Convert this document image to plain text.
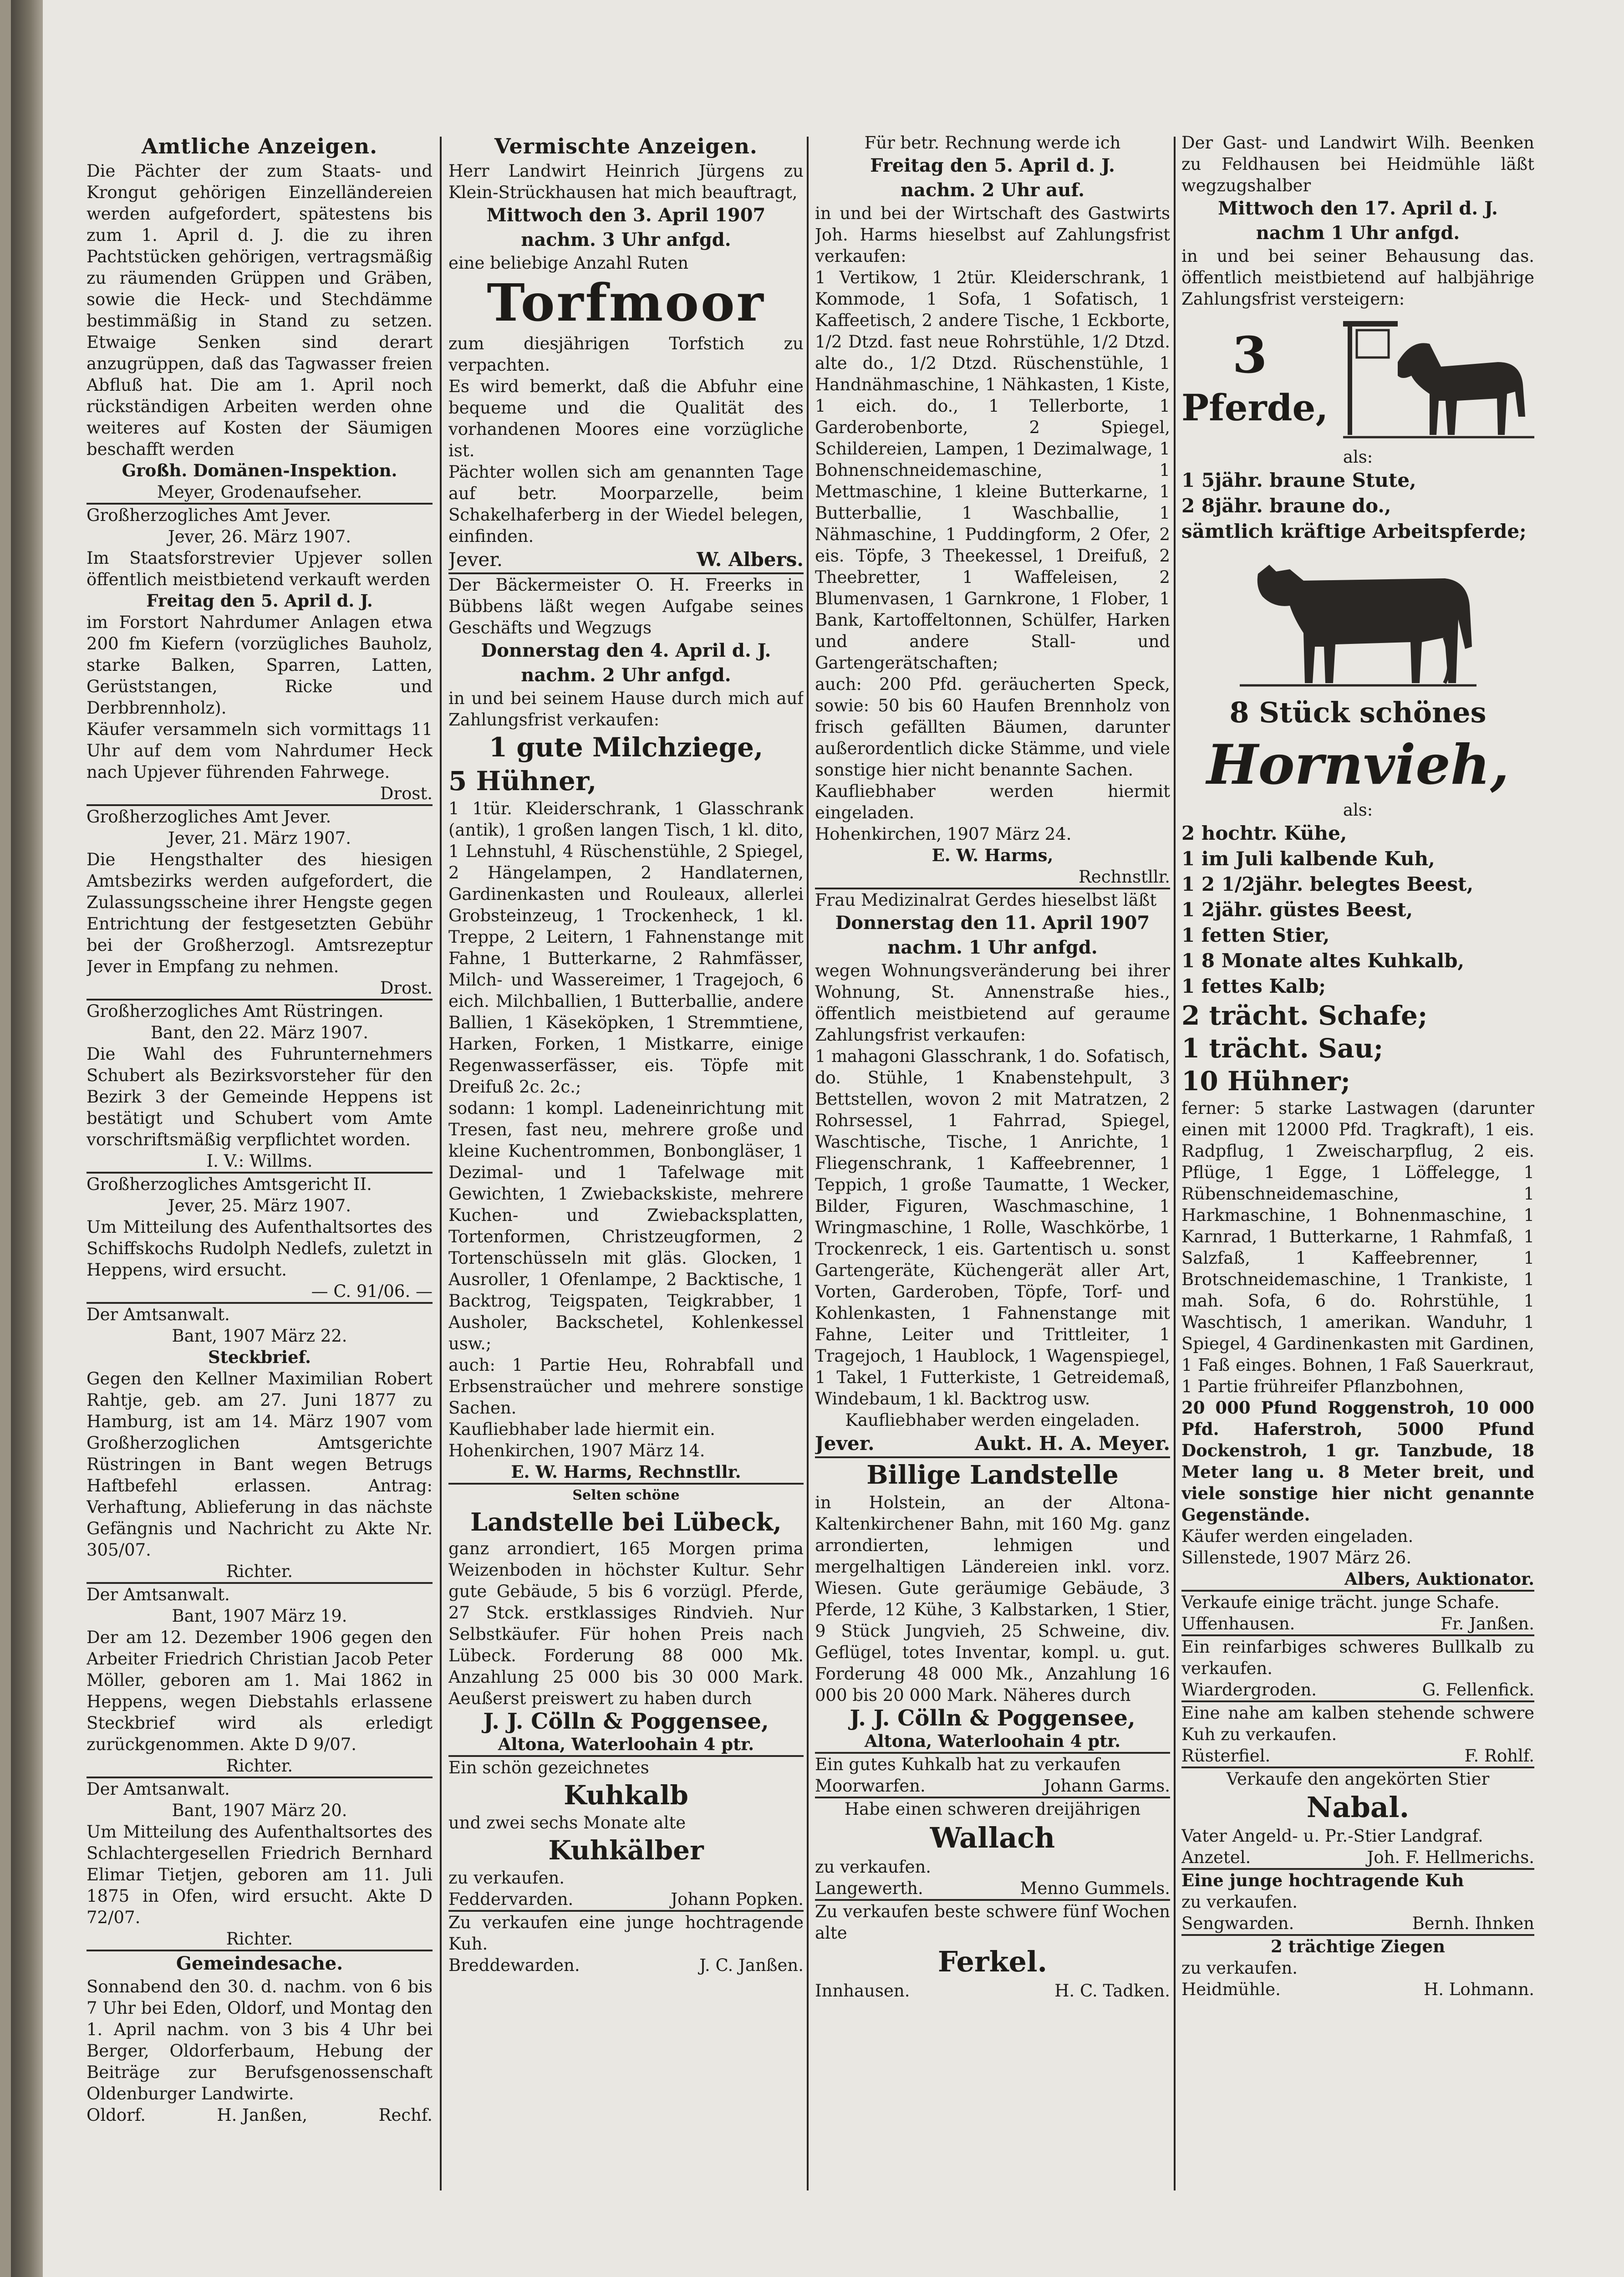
Amtliche Anzeigen.

Die Pächter der zum Staats- und Krongut gehörigen Einzelländereien werden aufgefordert, spätestens bis zum 1. April d. J. die zu ihren Pachtstücken gehörigen, vertragsmäßig zu räumenden Grüppen und Gräben, sowie die Heck- und Stechdämme bestimmäßig in Stand zu setzen. Etwaige Senken sind derart anzugrüppen, daß das Tagwasser freien Abfluß hat. Die am 1. April noch rückständigen Arbeiten werden ohne weiteres auf Kosten der Säumigen beschafft werden

Großh. Domänen-Inspektion.
Meyer, Grodenaufseher.
Großherzogliches Amt Jever.
Jever, 26. März 1907.

Im Staatsforstrevier Upjever sollen öffentlich meistbietend verkauft werden

Freitag den 5. April d. J.

im Forstort Nahrdumer Anlagen etwa 200 fm Kiefern (vorzügliches Bauholz, starke Balken, Sparren, Latten, Gerüststangen, Ricke und Derbbrennholz).

Käufer versammeln sich vormittags 11 Uhr auf dem vom Nahrdumer Heck nach Upjever führenden Fahrwege.

Drost.
Großherzogliches Amt Jever.
Jever, 21. März 1907.

Die Hengsthalter des hiesigen Amtsbezirks werden aufgefordert, die Zulassungsscheine ihrer Hengste gegen Entrichtung der festgesetzten Gebühr bei der Großherzogl. Amtsrezeptur Jever in Empfang zu nehmen.

Drost.
Großherzogliches Amt Rüstringen.
Bant, den 22. März 1907.

Die Wahl des Fuhrunternehmers Schubert als Bezirksvorsteher für den Bezirk 3 der Gemeinde Heppens ist bestätigt und Schubert vom Amte vorschriftsmäßig verpflichtet worden.

I. V.: Willms.
Großherzogliches Amtsgericht II.
Jever, 25. März 1907.

Um Mitteilung des Aufenthaltsortes des Schiffskochs Rudolph Nedlefs, zuletzt in Heppens, wird ersucht.

— C. 91/06. —
Der Amtsanwalt.
Bant, 1907 März 22.
Steckbrief.

Gegen den Kellner Maximilian Robert Rahtje, geb. am 27. Juni 1877 zu Hamburg, ist am 14. März 1907 vom Großherzoglichen Amtsgerichte Rüstringen in Bant wegen Betrugs Haftbefehl erlassen. Antrag: Verhaftung, Ablieferung in das nächste Gefängnis und Nachricht zu Akte Nr. 305/07.

Richter.
Der Amtsanwalt.
Bant, 1907 März 19.

Der am 12. Dezember 1906 gegen den Arbeiter Friedrich Christian Jacob Peter Möller, geboren am 1. Mai 1862 in Heppens, wegen Diebstahls erlassene Steckbrief wird als erledigt zurückgenommen. Akte D 9/07.

Richter.
Der Amtsanwalt.
Bant, 1907 März 20.

Um Mitteilung des Aufenthaltsortes des Schlachtergesellen Friedrich Bernhard Elimar Tietjen, geboren am 11. Juli 1875 in Ofen, wird ersucht. Akte D 72/07.

Richter.
Gemeindesache.

Sonnabend den 30. d. nachm. von 6 bis 7 Uhr bei Eden, Oldorf, und Montag den 1. April nachm. von 3 bis 4 Uhr bei Berger, Oldorferbaum, Hebung der Beiträge zur Berufsgenossenschaft Oldenburger Landwirte.

Oldorf.	H. Janßen,	Rechf.
Vermischte Anzeigen.

Herr Landwirt Heinrich Jürgens zu Klein-Strückhausen hat mich beauftragt,

Mittwoch den 3. April 1907
nachm. 3 Uhr anfgd.

eine beliebige Anzahl Ruten

Torfmoor

zum diesjährigen Torfstich zu verpachten.

Es wird bemerkt, daß die Abfuhr eine bequeme und die Qualität des vorhandenen Moores eine vorzügliche ist.

Pächter wollen sich am genannten Tage auf betr. Moorparzelle, beim Schakelhaferberg in der Wiedel belegen, einfinden.

Jever.	W. Albers.

Der Bäckermeister O. H. Freerks in Bübbens läßt wegen Aufgabe seines Geschäfts und Wegzugs

Donnerstag den 4. April d. J.
nachm. 2 Uhr anfgd.

in und bei seinem Hause durch mich auf Zahlungsfrist verkaufen:

1 gute Milchziege,
5 Hühner,

1 1tür. Kleiderschrank, 1 Glasschrank (antik), 1 großen langen Tisch, 1 kl. dito, 1 Lehnstuhl, 4 Rüschenstühle, 2 Spiegel, 2 Hängelampen, 2 Handlaternen, Gardinenkasten und Rouleaux, allerlei Grobsteinzeug, 1 Trockenheck, 1 kl. Treppe, 2 Leitern, 1 Fahnenstange mit Fahne, 1 Butterkarne, 2 Rahmfässer, Milch- und Wassereimer, 1 Tragejoch, 6 eich. Milchballien, 1 Butterballie, andere Ballien, 1 Käseköpken, 1 Stremmtiene, Harken, Forken, 1 Mistkarre, einige Regenwasserfässer, eis. Töpfe mit Dreifuß 2c. 2c.;

sodann: 1 kompl. Ladeneinrichtung mit Tresen, fast neu, mehrere große und kleine Kuchentrommen, Bonbongläser, 1 Dezimal- und 1 Tafelwage mit Gewichten, 1 Zwiebackskiste, mehrere Kuchen- und Zwiebacksplatten, Tortenformen, Christzeugformen, 2 Tortenschüsseln mit gläs. Glocken, 1 Ausroller, 1 Ofenlampe, 2 Backtische, 1 Backtrog, Teigspaten, Teigkrabber, 1 Ausholer, Backschetel, Kohlenkessel usw.;

auch: 1 Partie Heu, Rohrabfall und Erbsenstraücher und mehrere sonstige Sachen.

Kaufliebhaber lade hiermit ein.

Hohenkirchen, 1907 März 14.

E. W. Harms, Rechnstllr.
Selten schöne
Landstelle bei Lübeck,

ganz arrondiert, 165 Morgen prima Weizenboden in höchster Kultur. Sehr gute Gebäude, 5 bis 6 vorzügl. Pferde, 27 Stck. erstklassiges Rindvieh. Nur Selbstkäufer. Für hohen Preis nach Lübeck. Forderung 88 000 Mk. Anzahlung 25 000 bis 30 000 Mark. Aeußerst preiswert zu haben durch

J. J. Cölln & Poggensee,
Altona, Waterloohain 4 ptr.
Ein schön gezeichnetes
Kuhkalb
und zwei sechs Monate alte
Kuhkälber
zu verkaufen.
Feddervarden.	Johann Popken.

Zu verkaufen eine junge hochtragende Kuh.

Breddewarden.	J. C. Janßen.
Für betr. Rechnung werde ich
Freitag den 5. April d. J.
nachm. 2 Uhr auf.

in und bei der Wirtschaft des Gastwirts Joh. Harms hieselbst auf Zahlungsfrist verkaufen:

1 Vertikow, 1 2tür. Kleiderschrank, 1 Kommode, 1 Sofa, 1 Sofatisch, 1 Kaffeetisch, 2 andere Tische, 1 Eckborte, 1/2 Dtzd. fast neue Rohrstühle, 1/2 Dtzd. alte do., 1/2 Dtzd. Rüschenstühle, 1 Handnähmaschine, 1 Nähkasten, 1 Kiste, 1 eich. do., 1 Tellerborte, 1 Garderobenborte, 2 Spiegel, Schildereien, Lampen, 1 Dezimalwage, 1 Bohnenschneidemaschine, 1 Mettmaschine, 1 kleine Butterkarne, 1 Butterballie, 1 Waschballie, 1 Nähmaschine, 1 Puddingform, 2 Ofer, 2 eis. Töpfe, 3 Theekessel, 1 Dreifuß, 2 Theebretter, 1 Waffeleisen, 2 Blumenvasen, 1 Garnkrone, 1 Flober, 1 Bank, Kartoffeltonnen, Schülfer, Harken und andere Stall- und Gartengerätschaften;

auch: 200 Pfd. geräucherten Speck, sowie: 50 bis 60 Haufen Brennholz von frisch gefällten Bäumen, darunter außerordentlich dicke Stämme, und viele sonstige hier nicht benannte Sachen.

Kaufliebhaber werden hiermit eingeladen.

Hohenkirchen, 1907 März 24.

E. W. Harms,
Rechnstllr.

Frau Medizinalrat Gerdes hieselbst läßt

Donnerstag den 11. April 1907
nachm. 1 Uhr anfgd.

wegen Wohnungsveränderung bei ihrer Wohnung, St. Annenstraße hies., öffentlich meistbietend auf geraume Zahlungsfrist verkaufen:

1 mahagoni Glasschrank, 1 do. Sofatisch, do. Stühle, 1 Knabenstehpult, 3 Bettstellen, wovon 2 mit Matratzen, 2 Rohrsessel, 1 Fahrrad, Spiegel, Waschtische, Tische, 1 Anrichte, 1 Fliegenschrank, 1 Kaffeebrenner, 1 Teppich, 1 große Taumatte, 1 Wecker, Bilder, Figuren, Waschmaschine, 1 Wringmaschine, 1 Rolle, Waschkörbe, 1 Trockenreck, 1 eis. Gartentisch u. sonst Gartengeräte, Küchengerät aller Art, Vorten, Garderoben, Töpfe, Torf- und Kohlenkasten, 1 Fahnenstange mit Fahne, Leiter und Trittleiter, 1 Tragejoch, 1 Haublock, 1 Wagenspiegel, 1 Takel, 1 Futterkiste, 1 Getreidemaß, Windebaum, 1 kl. Backtrog usw.

Kaufliebhaber werden eingeladen.
Jever.	Aukt. H. A. Meyer.
Billige Landstelle

in Holstein, an der Altona-Kaltenkirchener Bahn, mit 160 Mg. ganz arrondierten, lehmigen und mergelhaltigen Ländereien inkl. vorz. Wiesen. Gute geräumige Gebäude, 3 Pferde, 12 Kühe, 3 Kalbstarken, 1 Stier, 9 Stück Jungvieh, 25 Schweine, div. Geflügel, totes Inventar, kompl. u. gut. Forderung 48 000 Mk., Anzahlung 16 000 bis 20 000 Mark. Näheres durch

J. J. Cölln & Poggensee,
Altona, Waterloohain 4 ptr.

Ein gutes Kuhkalb hat zu verkaufen

Moorwarfen.	Johann Garms.
Habe einen schweren dreijährigen
Wallach
zu verkaufen.
Langewerth.	Menno Gummels.

Zu verkaufen beste schwere fünf Wochen alte

Ferkel.
Innhausen.	H. C. Tadken.

Der Gast- und Landwirt Wilh. Beenken zu Feldhausen bei Heidmühle läßt wegzugshalber

Mittwoch den 17. April d. J.
nachm 1 Uhr anfgd.

in und bei seiner Behausung das. öffentlich meistbietend auf halbjährige Zahlungsfrist versteigern:

3
Pferde,
als:
1 5jähr. braune Stute,
2 8jähr. braune do.,
sämtlich kräftige Arbeitspferde;
8 Stück schönes
Hornvieh,
als:
2 hochtr. Kühe,
1 im Juli kalbende Kuh,
1 2 1/2jähr. belegtes Beest,
1 2jähr. güstes Beest,
1 fetten Stier,
1 8 Monate altes Kuhkalb,
1 fettes Kalb;
2 trächt. Schafe;
1 trächt. Sau;
10 Hühner;

ferner: 5 starke Lastwagen (darunter einen mit 12000 Pfd. Tragkraft), 1 eis. Radpflug, 1 Zweischarpflug, 2 eis. Pflüge, 1 Egge, 1 Löffelegge, 1 Rübenschneidemaschine, 1 Harkmaschine, 1 Bohnenmaschine, 1 Karnrad, 1 Butterkarne, 1 Rahmfaß, 1 Salzfaß, 1 Kaffeebrenner, 1 Brotschneidemaschine, 1 Trankiste, 1 mah. Sofa, 6 do. Rohrstühle, 1 Waschtisch, 1 amerikan. Wanduhr, 1 Spiegel, 4 Gardinenkasten mit Gardinen, 1 Faß einges. Bohnen, 1 Faß Sauerkraut, 1 Partie frühreifer Pflanzbohnen,

20 000 Pfund Roggenstroh, 10 000 Pfd. Haferstroh, 5000 Pfund Dockenstroh, 1 gr. Tanzbude, 18 Meter lang u. 8 Meter breit, und viele sonstige hier nicht genannte Gegenstände.

Käufer werden eingeladen.

Sillenstede, 1907 März 26.

Albers, Auktionator.

Verkaufe einige trächt. junge Schafe.

Uffenhausen.	Fr. Janßen.

Ein reinfarbiges schweres Bullkalb zu verkaufen.

Wiardergroden.	G. Fellenfick.

Eine nahe am kalben stehende schwere Kuh zu verkaufen.

Rüsterfiel.	F. Rohlf.
Verkaufe den angekörten Stier
Nabal.
Vater Angeld- u. Pr.-Stier Landgraf.
Anzetel.	Joh. F. Hellmerichs.
Eine junge hochtragende Kuh
zu verkaufen.
Sengwarden.	Bernh. Ihnken
2 trächtige Ziegen
zu verkaufen.
Heidmühle.	H. Lohmann.
